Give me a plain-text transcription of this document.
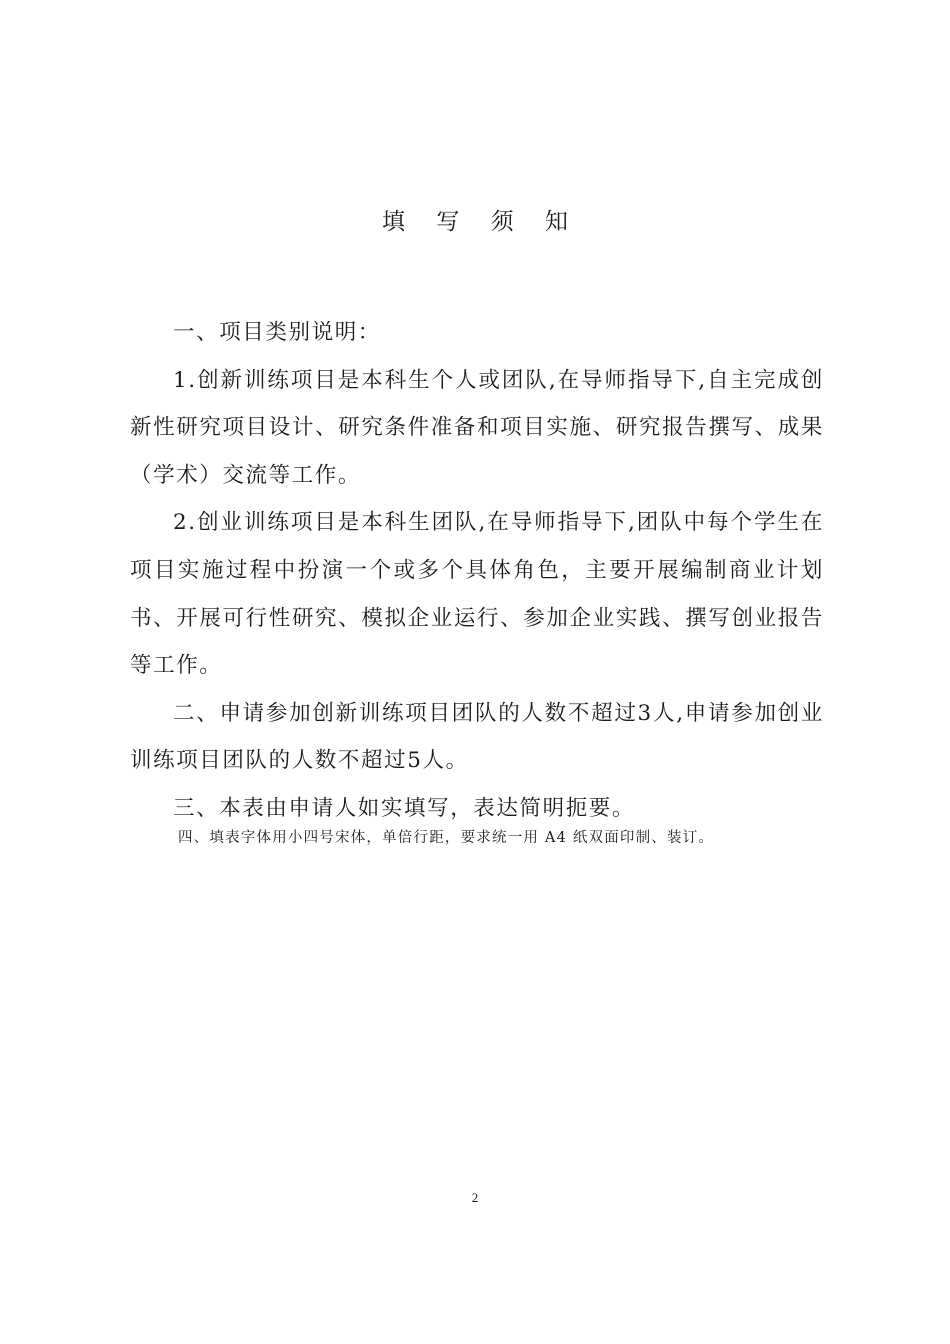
填 写 须 知

一、项目类别说明：

1.创新训练项目是本科生个人或团队,在导师指导下,自主完成创新性研究项目设计、研究条件准备和项目实施、研究报告撰写、成果（学术）交流等工作。

2.创业训练项目是本科生团队,在导师指导下,团队中每个学生在项目实施过程中扮演一个或多个具体角色，主要开展编制商业计划书、开展可行性研究、模拟企业运行、参加企业实践、撰写创业报告等工作。

二、申请参加创新训练项目团队的人数不超过3人,申请参加创业训练项目团队的人数不超过5人。

三、本表由申请人如实填写，表达简明扼要。

四、填表字体用小四号宋体，单倍行距，要求统一用 A4 纸双面印制、装订。
2
